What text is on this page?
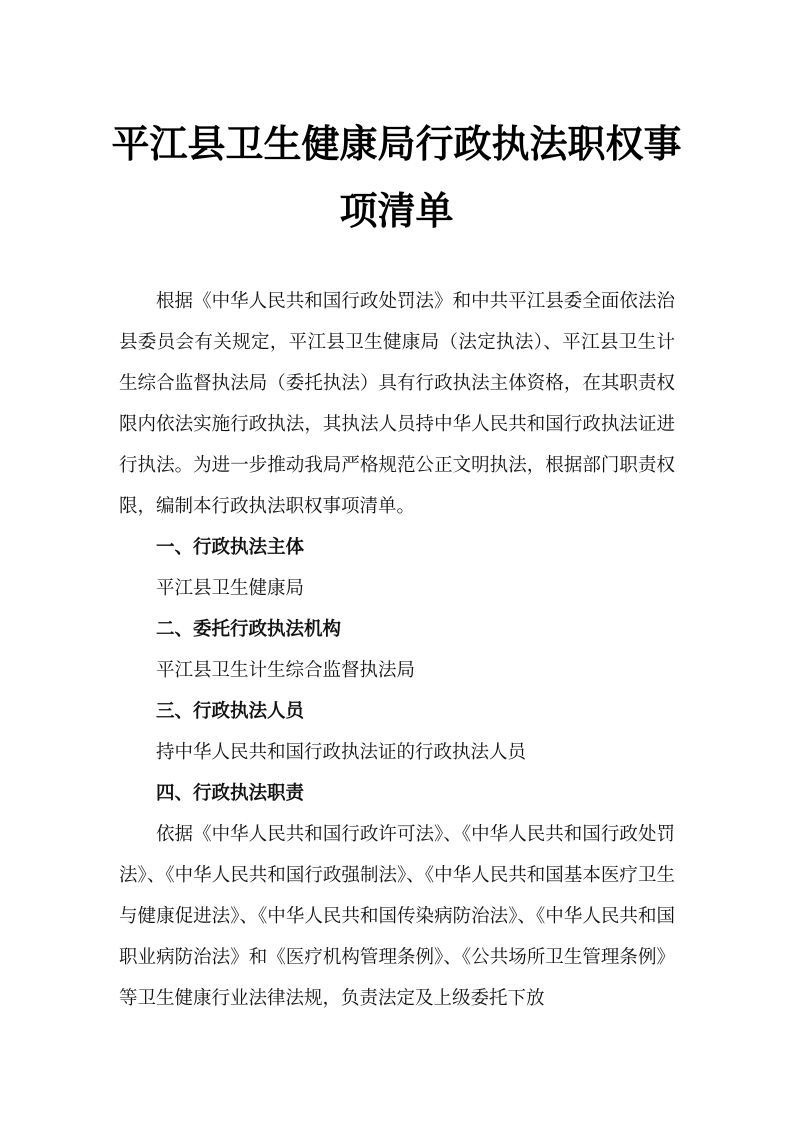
平江县卫生健康局行政执法职权事
项清单

根据《中华人民共和国行政处罚法》和中共平江县委全面依法治县委员会有关规定，平江县卫生健康局（法定执法）、平江县卫生计生综合监督执法局（委托执法）具有行政执法主体资格，在其职责权限内依法实施行政执法，其执法人员持中华人民共和国行政执法证进行执法。为进一步推动我局严格规范公正文明执法，根据部门职责权限，编制本行政执法职权事项清单。

一、行政执法主体

平江县卫生健康局

二、委托行政执法机构

平江县卫生计生综合监督执法局

三、行政执法人员

持中华人民共和国行政执法证的行政执法人员

四、行政执法职责

依据《中华人民共和国行政许可法》、《中华人民共和国行政处罚法》、《中华人民共和国行政强制法》、《中华人民共和国基本医疗卫生与健康促进法》、《中华人民共和国传染病防治法》、《中华人民共和国职业病防治法》和《医疗机构管理条例》、《公共场所卫生管理条例》等卫生健康行业法律法规，负责法定及上级委托下放
